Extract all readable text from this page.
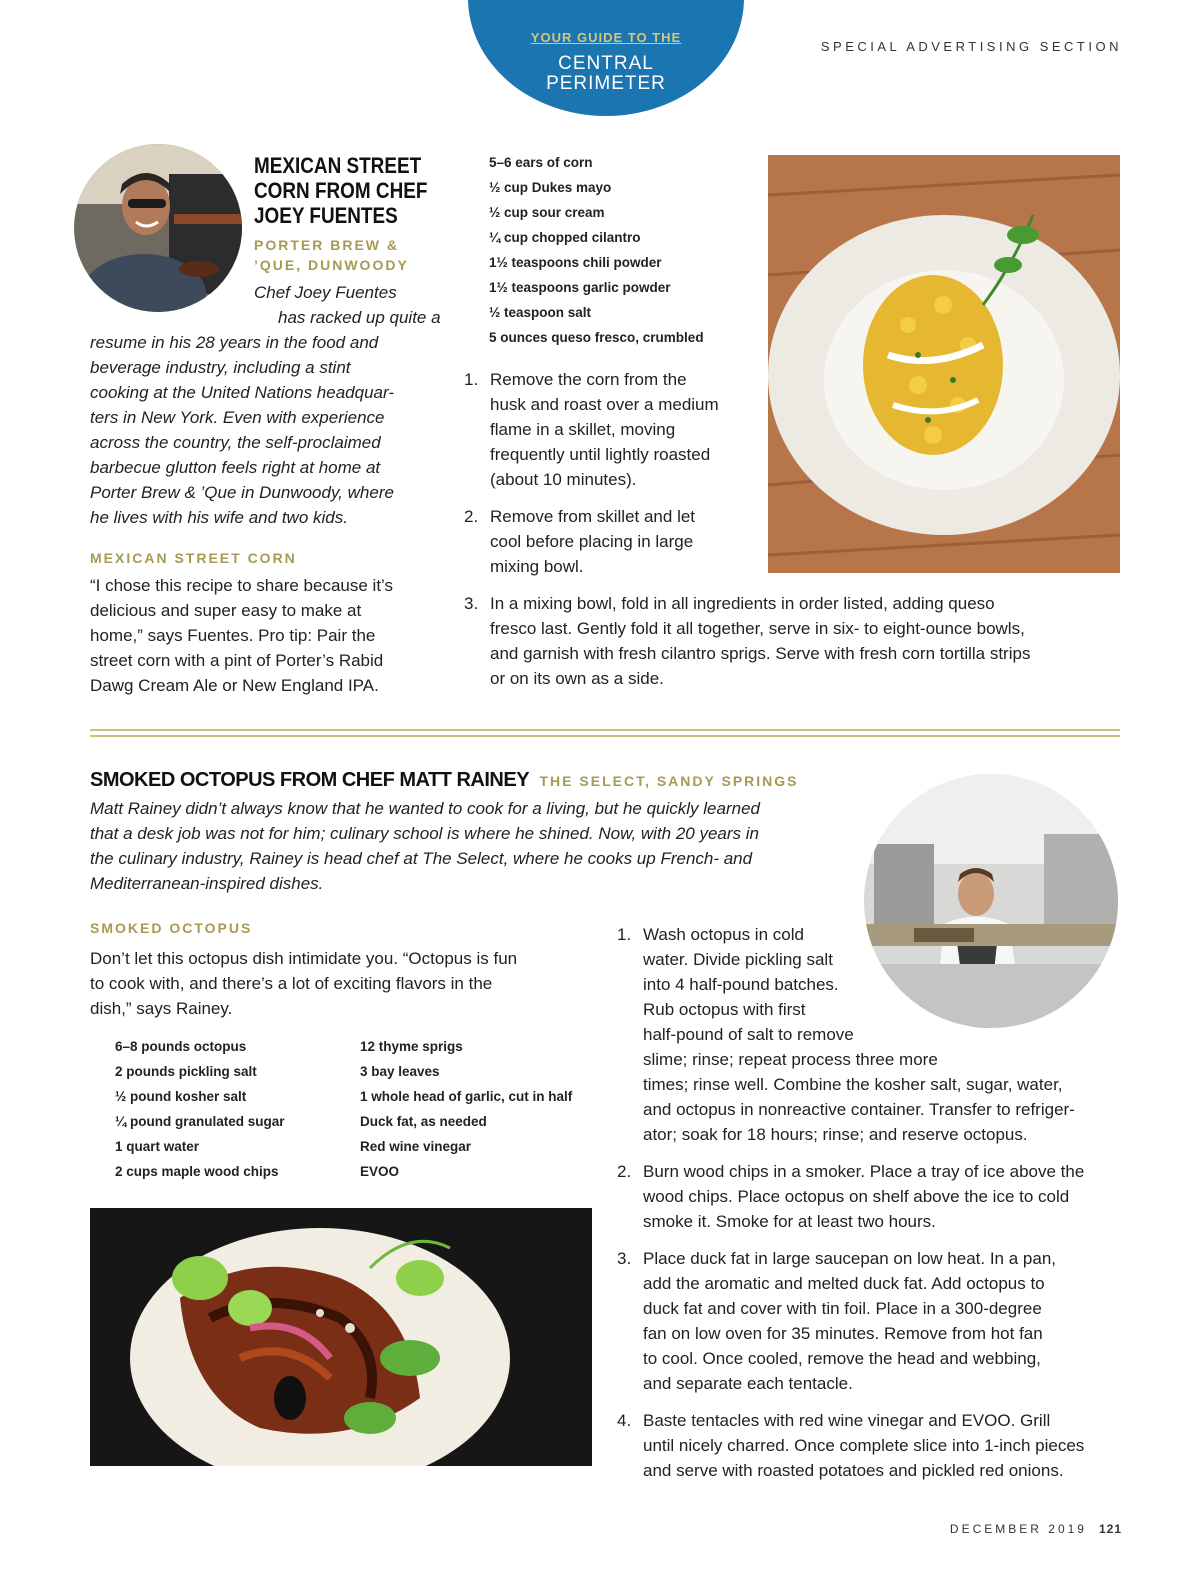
YOUR GUIDE TO THE
CENTRAL
PERIMETER
SPECIAL ADVERTISING SECTION
MEXICAN STREET
CORN FROM CHEF
JOEY FUENTES
PORTER BREW &
’QUE, DUNWOODY
Chef Joey Fuentes
has racked up quite a
resume in his 28 years in the food and
beverage industry, including a stint
cooking at the United Nations headquar-
ters in New York. Even with experience
across the country, the self-proclaimed
barbecue glutton feels right at home at
Porter Brew & ’Que in Dunwoody, where
he lives with his wife and two kids.
MEXICAN STREET CORN
“I chose this recipe to share because it’s
delicious and super easy to make at
home,” says Fuentes. Pro tip: Pair the
street corn with a pint of Porter’s Rabid
Dawg Cream Ale or New England IPA.
5–6 ears of corn
½ cup Dukes mayo
½ cup sour cream
¼ cup chopped cilantro
1½ teaspoons chili powder
1½ teaspoons garlic powder
½ teaspoon salt
5 ounces queso fresco, crumbled
1. Remove the corn from the
husk and roast over a medium
flame in a skillet, moving
frequently until lightly roasted
(about 10 minutes).
2. Remove from skillet and let
cool before placing in large
mixing bowl.
3. In a mixing bowl, fold in all ingredients in order listed, adding queso
fresco last. Gently fold it all together, serve in six- to eight-ounce bowls,
and garnish with fresh cilantro sprigs. Serve with fresh corn tortilla strips
or on its own as a side.
SMOKED OCTOPUS FROM CHEF MATT RAINEY THE SELECT, SANDY SPRINGS
Matt Rainey didn’t always know that he wanted to cook for a living, but he quickly learned
that a desk job was not for him; culinary school is where he shined. Now, with 20 years in
the culinary industry, Rainey is head chef at The Select, where he cooks up French- and
Mediterranean-inspired dishes.
SMOKED OCTOPUS
Don’t let this octopus dish intimidate you. “Octopus is fun
to cook with, and there’s a lot of exciting flavors in the
dish,” says Rainey.
6–8 pounds octopus
2 pounds pickling salt
½ pound kosher salt
¼ pound granulated sugar
1 quart water
2 cups maple wood chips
12 thyme sprigs
3 bay leaves
1 whole head of garlic, cut in half
Duck fat, as needed
Red wine vinegar
EVOO
1. Wash octopus in cold
water. Divide pickling salt
into 4 half-pound batches.
Rub octopus with first
half-pound of salt to remove
slime; rinse; repeat process three more
times; rinse well. Combine the kosher salt, sugar, water,
and octopus in nonreactive container. Transfer to refriger-
ator; soak for 18 hours; rinse; and reserve octopus.
2. Burn wood chips in a smoker. Place a tray of ice above the
wood chips. Place octopus on shelf above the ice to cold
smoke it. Smoke for at least two hours.
3. Place duck fat in large saucepan on low heat. In a pan,
add the aromatic and melted duck fat. Add octopus to
duck fat and cover with tin foil. Place in a 300-degree
fan on low oven for 35 minutes. Remove from hot fan
to cool. Once cooled, remove the head and webbing,
and separate each tentacle.
4. Baste tentacles with red wine vinegar and EVOO. Grill
until nicely charred. Once complete slice into 1-inch pieces
and serve with roasted potatoes and pickled red onions.
DECEMBER 2019 121
